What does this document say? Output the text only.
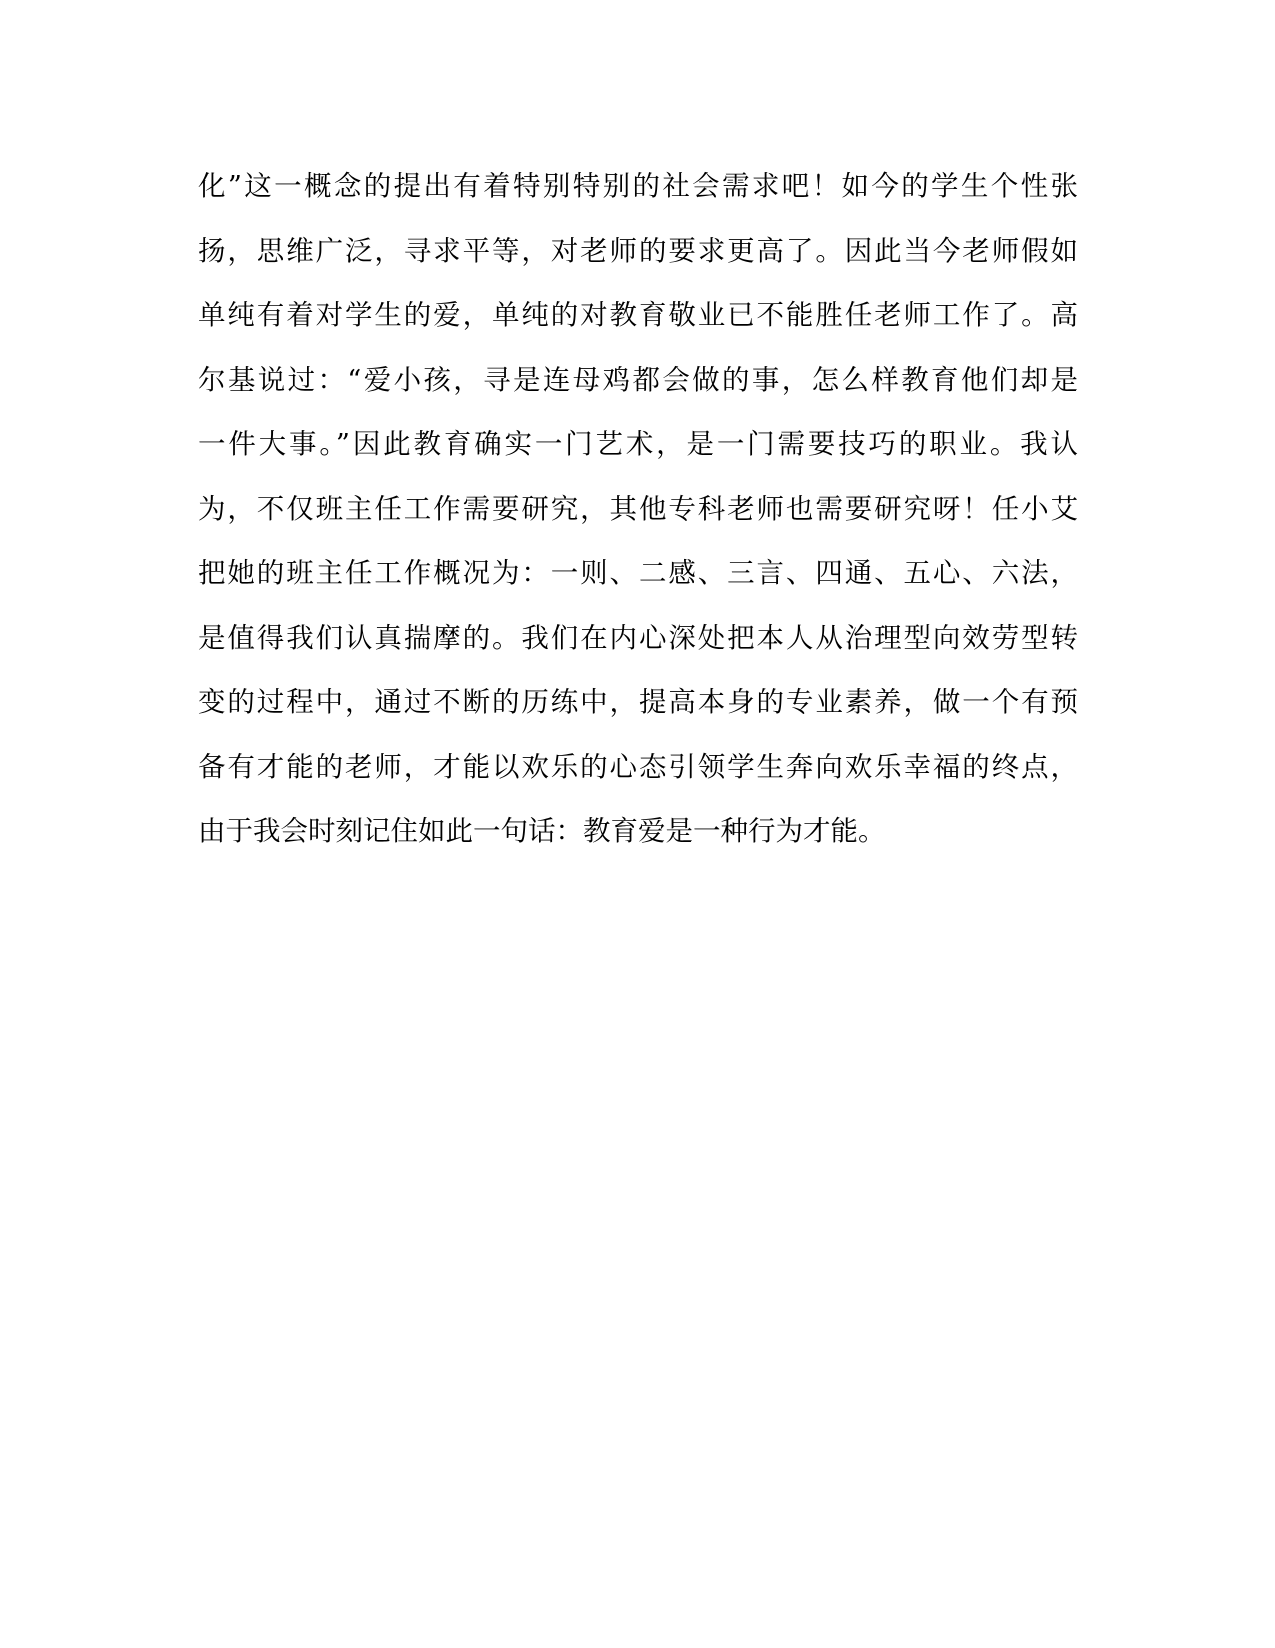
化”这一概念的提出有着特别特别的社会需求吧！如今的学生个性张
扬，思维广泛，寻求平等，对老师的要求更高了。因此当今老师假如
单纯有着对学生的爱，单纯的对教育敬业已不能胜任老师工作了。高
尔基说过：“爱小孩，寻是连母鸡都会做的事，怎么样教育他们却是
一件大事。”因此教育确实一门艺术，是一门需要技巧的职业。我认
为，不仅班主任工作需要研究，其他专科老师也需要研究呀！任小艾
把她的班主任工作概况为：一则、二感、三言、四通、五心、六法，
是值得我们认真揣摩的。我们在内心深处把本人从治理型向效劳型转
变的过程中，通过不断的历练中，提高本身的专业素养，做一个有预
备有才能的老师，才能以欢乐的心态引领学生奔向欢乐幸福的终点，
由于我会时刻记住如此一句话：教育爱是一种行为才能。
